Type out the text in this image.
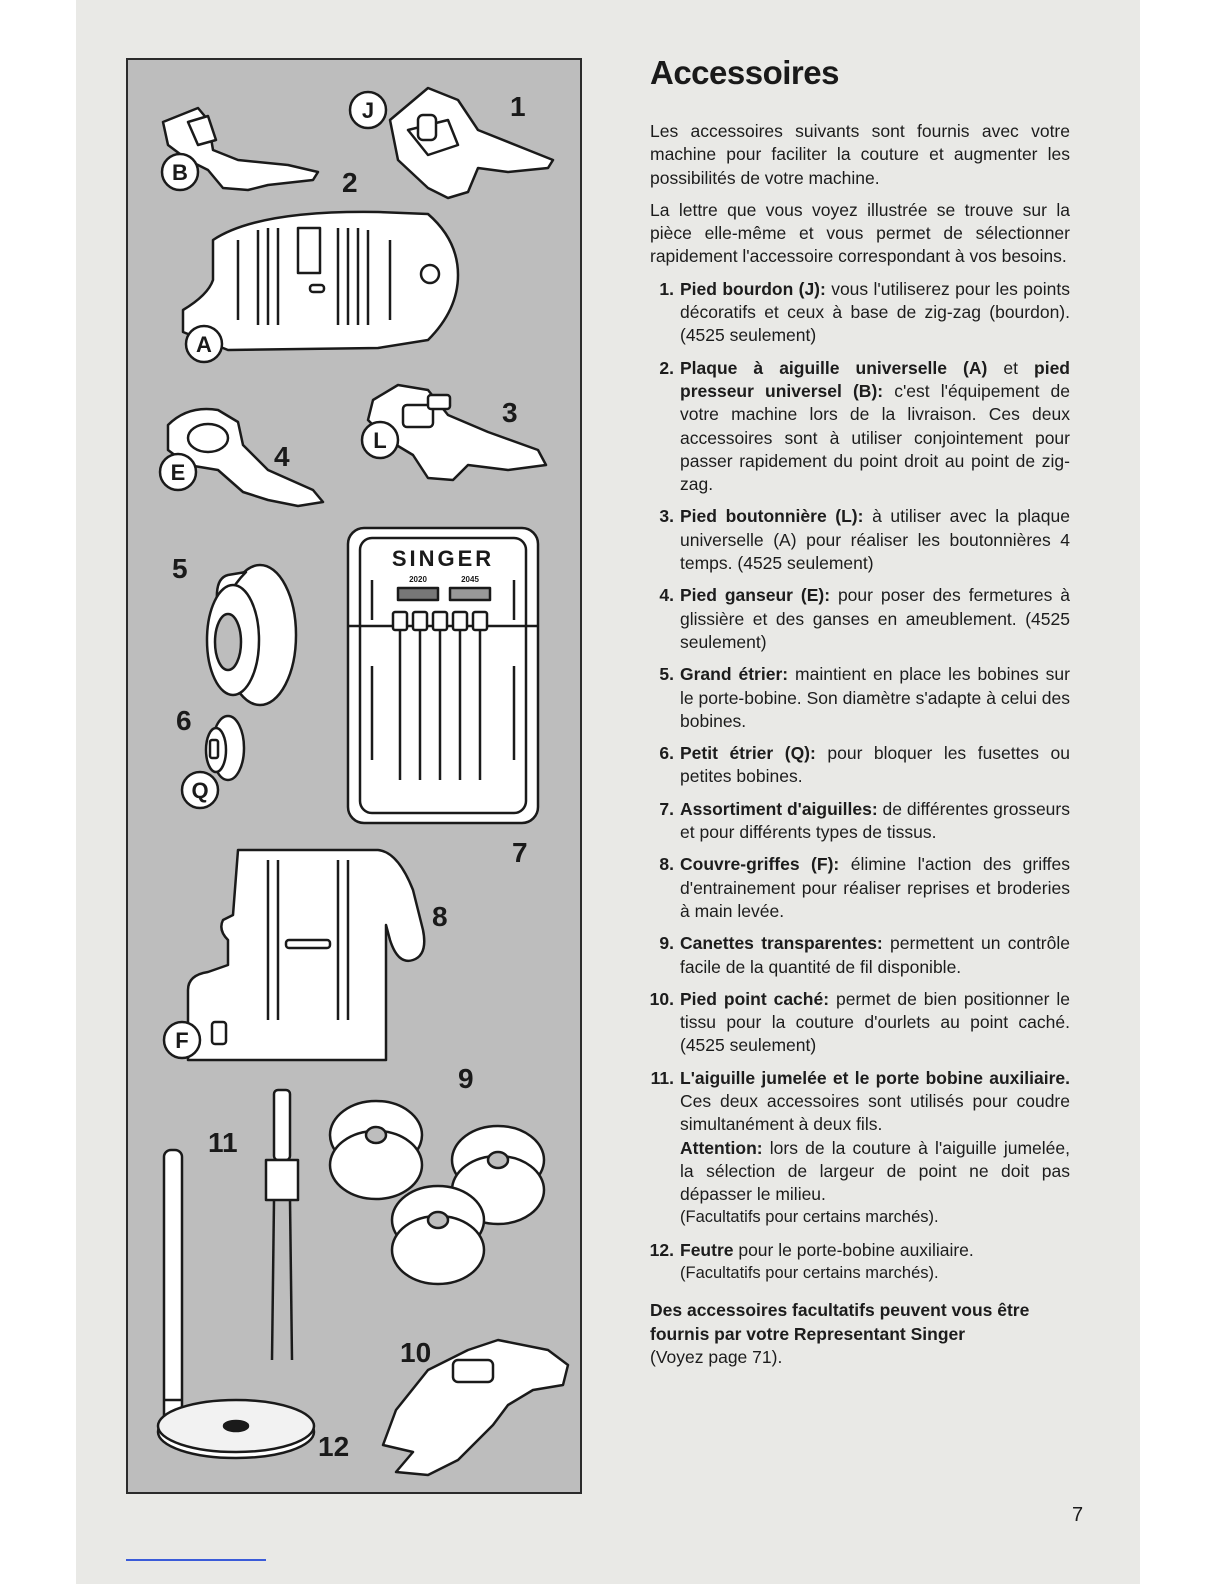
J
B
A
E
L
Q
F
1
2
3
4
5
6
7
8
9
10
11
12
SINGER
2020	2045
Accessoires

Les accessoires suivants sont fournis avec votre machine pour faciliter la couture et augmenter les possibilités de votre machine.

La lettre que vous voyez illustrée se trouve sur la pièce elle-même et vous permet de sélectionner rapidement l'accessoire correspondant à vos besoins.

1. Pied bourdon (J): vous l'utiliserez pour les points décoratifs et ceux à base de zig-zag (bourdon). (4525 seulement)
2. Plaque à aiguille universelle (A) et pied presseur universel (B): c'est l'équipement de votre machine lors de la livraison. Ces deux accessoires sont à utiliser conjointement pour passer rapidement du point droit au point de zig-zag.
3. Pied boutonnière (L): à utiliser avec la plaque universelle (A) pour réaliser les boutonnières 4 temps. (4525 seulement)
4. Pied ganseur (E): pour poser des fermetures à glissière et des ganses en ameublement. (4525 seulement)
5. Grand étrier: maintient en place les bobines sur le porte-bobine. Son diamètre s'adapte à celui des bobines.
6. Petit étrier (Q): pour bloquer les fusettes ou petites bobines.
7. Assortiment d'aiguilles: de différentes grosseurs et pour différents types de tissus.
8. Couvre-griffes (F): élimine l'action des griffes d'entrainement pour réaliser reprises et broderies à main levée.
9. Canettes transparentes: permettent un contrôle facile de la quantité de fil disponible.
10. Pied point caché: permet de bien positionner le tissu pour la couture d'ourlets au point caché. (4525 seulement)
11. L'aiguille jumelée et le porte bobine auxiliaire. Ces deux accessoires sont utilisés pour coudre simultanément à deux fils.
Attention: lors de la couture à l'aiguille jumelée, la sélection de largeur de point ne doit pas dépasser le milieu.
(Facultatifs pour certains marchés).
12. Feutre pour le porte-bobine auxiliaire.
(Facultatifs pour certains marchés).
Des accessoires facultatifs peuvent vous être fournis par votre Representant Singer
(Voyez page 71).
7
